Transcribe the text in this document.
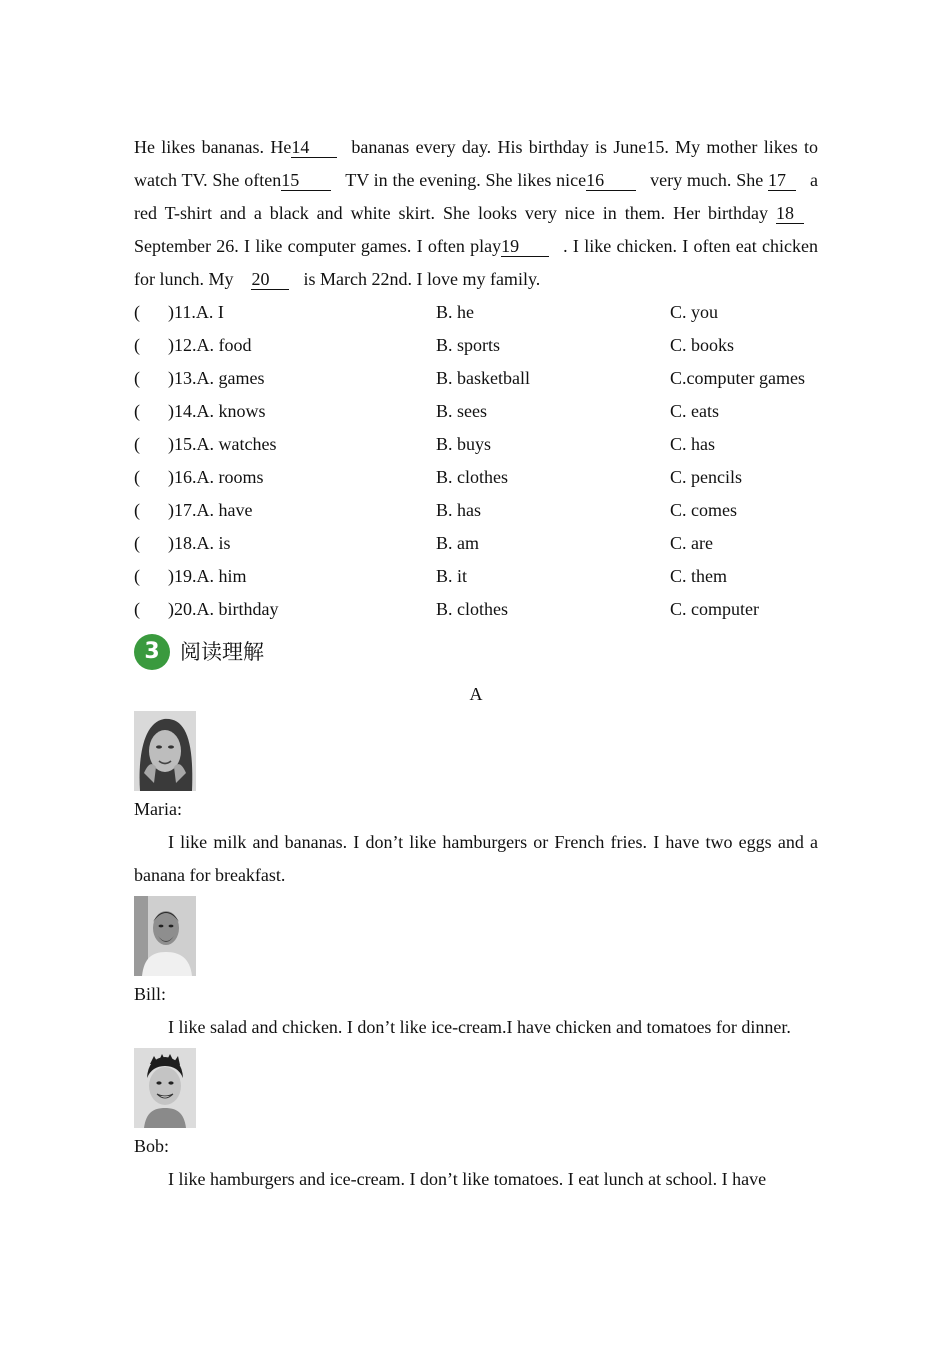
He likes bananas. He14 bananas every day. His birthday is June15. My mother likes to watch TV. She often15	TV in the evening. She likes nice16	very much. She 17 a red T-shirt and a black and white skirt. She looks very nice in them. Her birthday 18September 26. I like computer games. I often play19 . I like chicken. I often eat chicken for lunch. My 20 is March 22nd. I love my family.

( )11.A. I	B. he	C. you
( )12.A. food	B. sports	C. books
( )13.A. games	B. basketball	C.computer games
( )14.A. knows	B. sees	C. eats
( )15.A. watches	B. buys	C. has
( )16.A. rooms	B. clothes	C. pencils
( )17.A. have	B. has	C. comes
( )18.A. is	B. am	C. are
( )19.A. him	B. it	C. them
( )20.A. birthday	B. clothes	C. computer
3 阅读理解
A
Maria:

I like milk and bananas. I don’t like hamburgers or French fries. I have two eggs and a banana for breakfast.

Bill:

I like salad and chicken. I don’t like ice-cream.I have chicken and tomatoes for dinner.

Bob:

I like hamburgers and ice-cream. I don’t like tomatoes. I eat lunch at school. I have
